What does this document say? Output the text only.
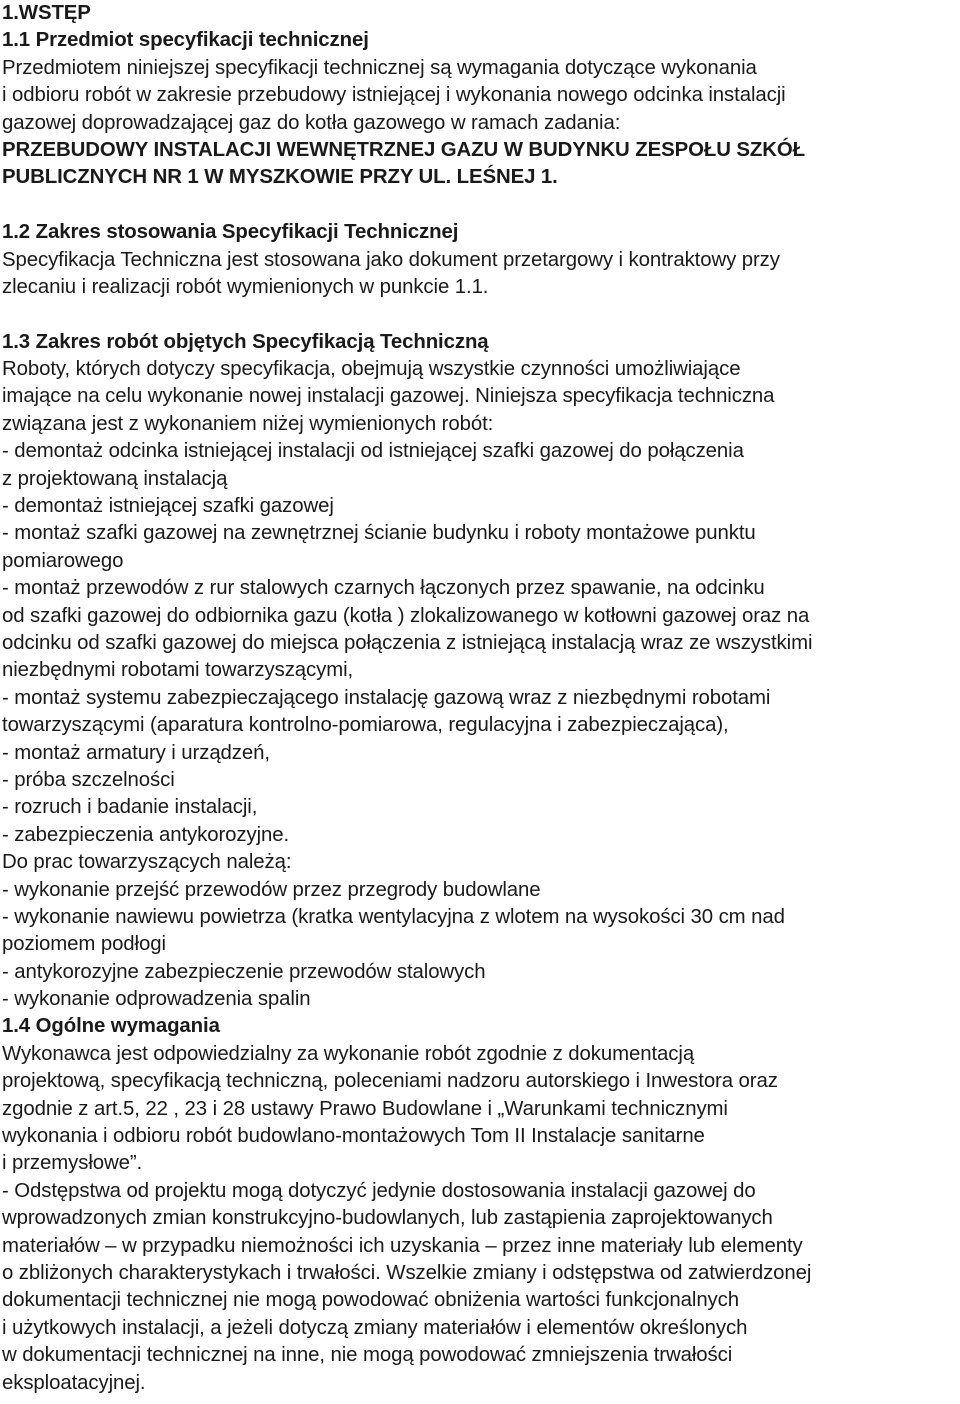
1.WSTĘP
1.1 Przedmiot specyfikacji technicznej
Przedmiotem niniejszej specyfikacji technicznej są wymagania dotyczące wykonania
i odbioru robót w zakresie przebudowy istniejącej i wykonania nowego odcinka instalacji
gazowej doprowadzającej gaz do kotła gazowego w ramach zadania:
PRZEBUDOWY INSTALACJI WEWNĘTRZNEJ GAZU W BUDYNKU ZESPOŁU SZKÓŁ
PUBLICZNYCH NR 1 W MYSZKOWIE PRZY UL. LEŚNEJ 1.
1.2 Zakres stosowania Specyfikacji Technicznej
Specyfikacja Techniczna jest stosowana jako dokument przetargowy i kontraktowy przy
zlecaniu i realizacji robót wymienionych w punkcie 1.1.
1.3 Zakres robót objętych Specyfikacją Techniczną
Roboty, których dotyczy specyfikacja, obejmują wszystkie czynności umożliwiające
imające na celu wykonanie nowej instalacji gazowej. Niniejsza specyfikacja techniczna
związana jest z wykonaniem niżej wymienionych robót:
- demontaż odcinka istniejącej instalacji od istniejącej szafki gazowej do połączenia
z projektowaną instalacją
- demontaż istniejącej szafki gazowej
- montaż szafki gazowej na zewnętrznej ścianie budynku i roboty montażowe punktu
pomiarowego
- montaż przewodów z rur stalowych czarnych łączonych przez spawanie, na odcinku
od szafki gazowej do odbiornika gazu (kotła ) zlokalizowanego w kotłowni gazowej oraz na
odcinku od szafki gazowej do miejsca połączenia z istniejącą instalacją wraz ze wszystkimi
niezbędnymi robotami towarzyszącymi,
- montaż systemu zabezpieczającego instalację gazową wraz z niezbędnymi robotami
towarzyszącymi (aparatura kontrolno-pomiarowa, regulacyjna i zabezpieczająca),
- montaż armatury i urządzeń,
- próba szczelności
- rozruch i badanie instalacji,
- zabezpieczenia antykorozyjne.
Do prac towarzyszących należą:
- wykonanie przejść przewodów przez przegrody budowlane
- wykonanie nawiewu powietrza (kratka wentylacyjna z wlotem na wysokości 30 cm nad
poziomem podłogi
- antykorozyjne zabezpieczenie przewodów stalowych
- wykonanie odprowadzenia spalin
1.4 Ogólne wymagania
Wykonawca jest odpowiedzialny za wykonanie robót zgodnie z dokumentacją
projektową, specyfikacją techniczną, poleceniami nadzoru autorskiego i Inwestora oraz
zgodnie z art.5, 22 , 23 i 28 ustawy Prawo Budowlane i „Warunkami technicznymi
wykonania i odbioru robót budowlano-montażowych Tom II Instalacje sanitarne
i przemysłowe”.
- Odstępstwa od projektu mogą dotyczyć jedynie dostosowania instalacji gazowej do
wprowadzonych zmian konstrukcyjno-budowlanych, lub zastąpienia zaprojektowanych
materiałów – w przypadku niemożności ich uzyskania – przez inne materiały lub elementy
o zbliżonych charakterystykach i trwałości. Wszelkie zmiany i odstępstwa od zatwierdzonej
dokumentacji technicznej nie mogą powodować obniżenia wartości funkcjonalnych
i użytkowych instalacji, a jeżeli dotyczą zmiany materiałów i elementów określonych
w dokumentacji technicznej na inne, nie mogą powodować zmniejszenia trwałości
eksploatacyjnej.
